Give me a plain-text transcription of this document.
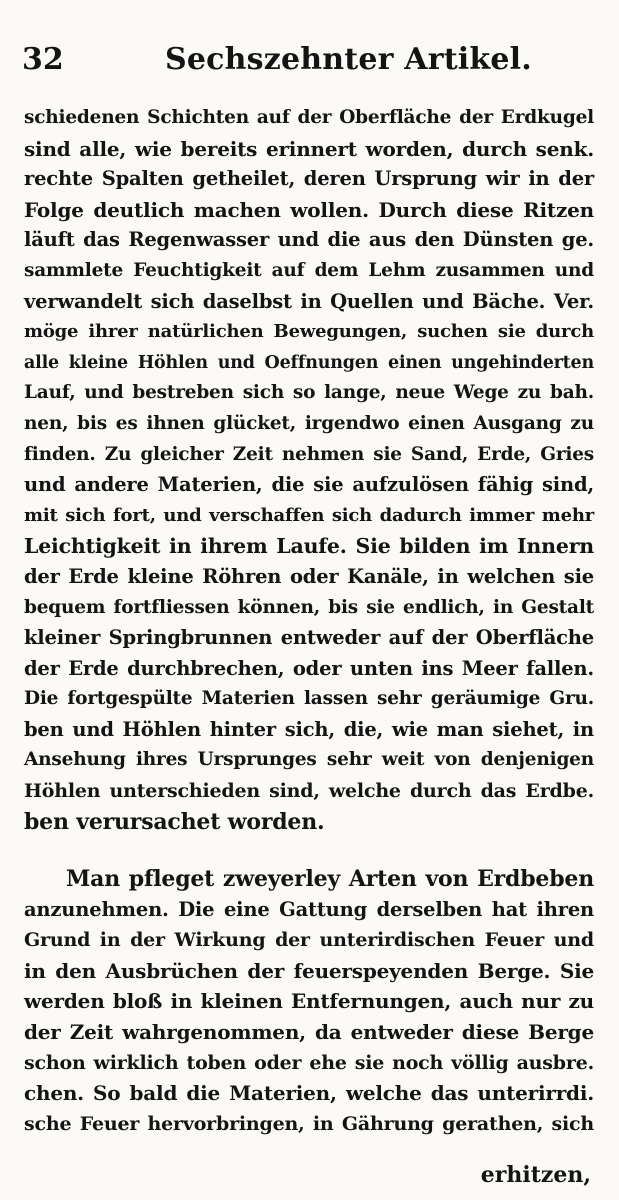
32	Sechszehnter Artikel.
schiedenen Schichten auf der Oberfläche der Erdkugel
sind alle, wie bereits erinnert worden, durch senk.
rechte Spalten getheilet, deren Ursprung wir in der
Folge deutlich machen wollen. Durch diese Ritzen
läuft das Regenwasser und die aus den Dünsten ge.
sammlete Feuchtigkeit auf dem Lehm zusammen und
verwandelt sich daselbst in Quellen und Bäche. Ver.
möge ihrer natürlichen Bewegungen, suchen sie durch
alle kleine Höhlen und Oeffnungen einen ungehinderten
Lauf, und bestreben sich so lange, neue Wege zu bah.
nen, bis es ihnen glücket, irgendwo einen Ausgang zu
finden. Zu gleicher Zeit nehmen sie Sand, Erde, Gries
und andere Materien, die sie aufzulösen fähig sind,
mit sich fort, und verschaffen sich dadurch immer mehr
Leichtigkeit in ihrem Laufe. Sie bilden im Innern
der Erde kleine Röhren oder Kanäle, in welchen sie
bequem fortfliessen können, bis sie endlich, in Gestalt
kleiner Springbrunnen entweder auf der Oberfläche
der Erde durchbrechen, oder unten ins Meer fallen.
Die fortgespülte Materien lassen sehr geräumige Gru.
ben und Höhlen hinter sich, die, wie man siehet, in
Ansehung ihres Ursprunges sehr weit von denjenigen
Höhlen unterschieden sind, welche durch das Erdbe.
ben verursachet worden.
Man pfleget zweyerley Arten von Erdbeben
anzunehmen. Die eine Gattung derselben hat ihren
Grund in der Wirkung der unterirdischen Feuer und
in den Ausbrüchen der feuerspeyenden Berge. Sie
werden bloß in kleinen Entfernungen, auch nur zu
der Zeit wahrgenommen, da entweder diese Berge
schon wirklich toben oder ehe sie noch völlig ausbre.
chen. So bald die Materien, welche das unterirrdi.
sche Feuer hervorbringen, in Gährung gerathen, sich
erhitzen,
